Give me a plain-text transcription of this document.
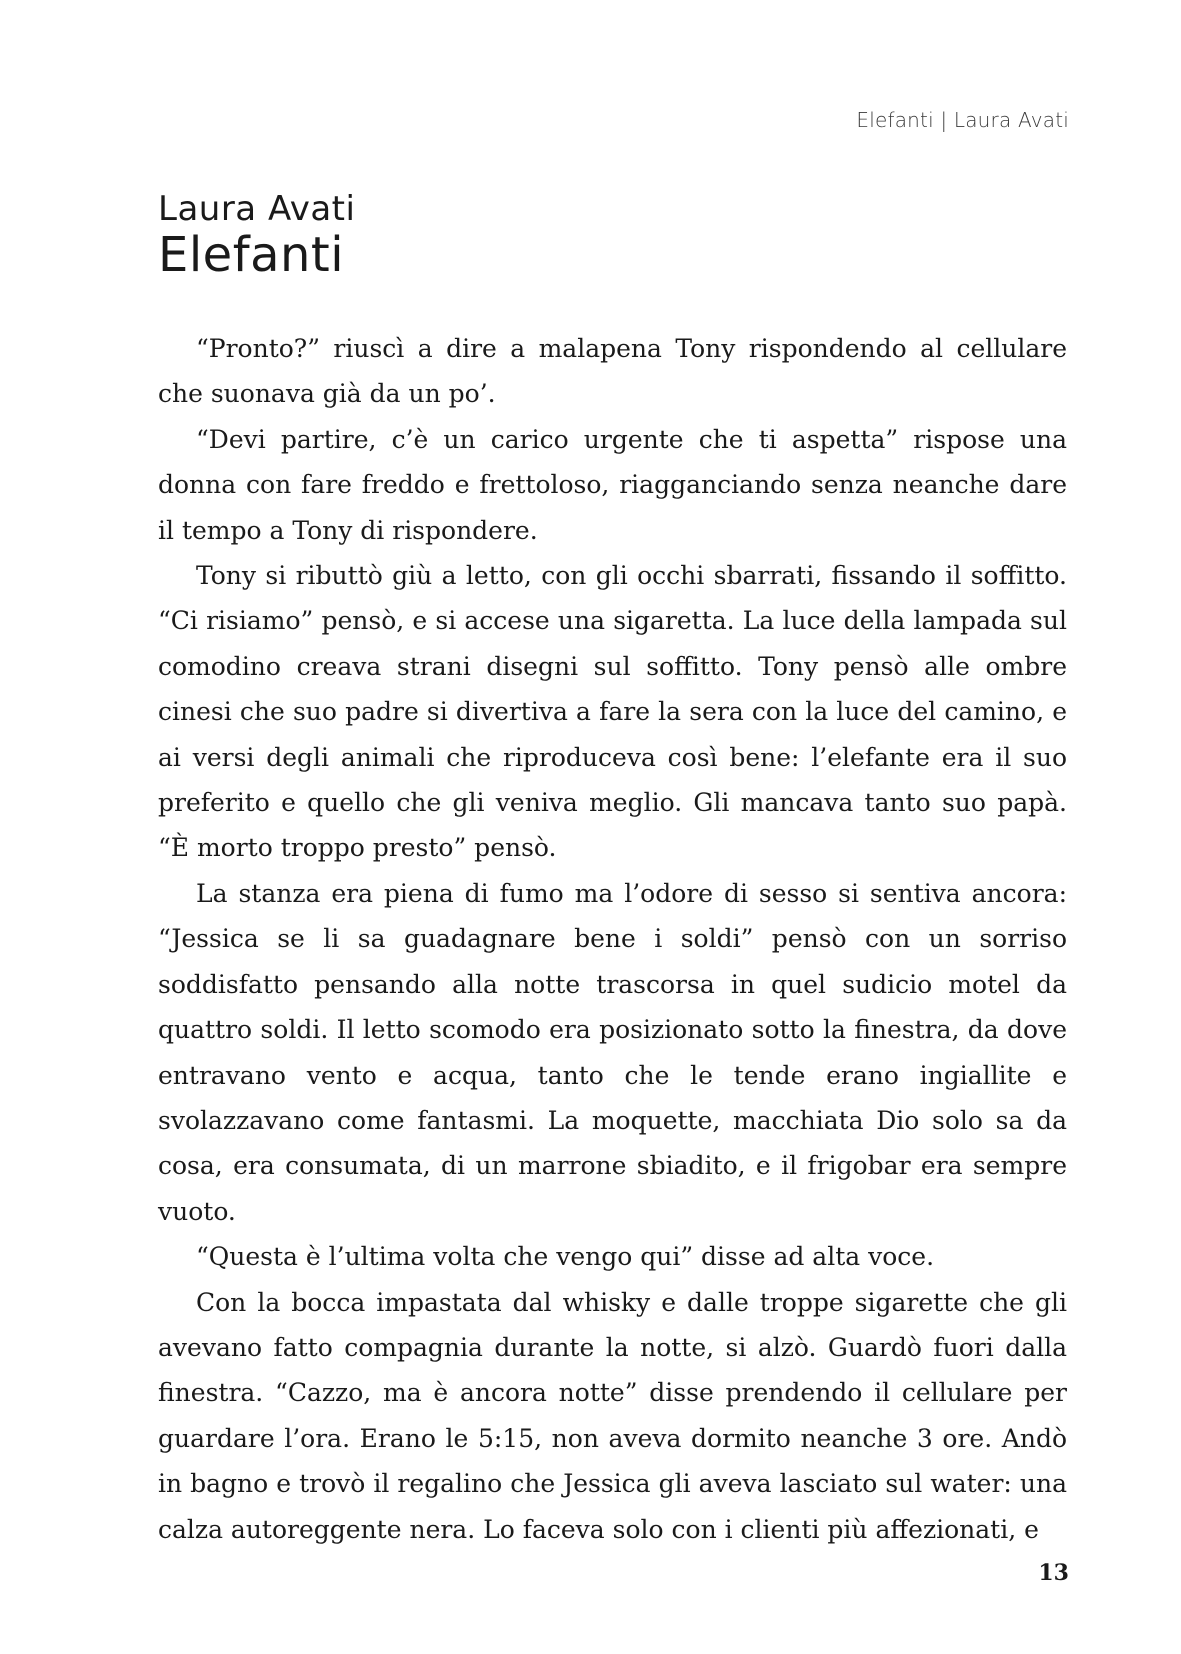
Elefanti | Laura Avati
Laura Avati
Elefanti

“Pronto?” riuscì a dire a malapena Tony rispondendo al cellulare che suonava già da un po’.

“Devi partire, c’è un carico urgente che ti aspetta” rispose una donna con fare freddo e frettoloso, riagganciando senza neanche dare il tempo a Tony di rispondere.

Tony si ributtò giù a letto, con gli occhi sbarrati, fissando il soffitto. “Ci risiamo” pensò, e si accese una sigaretta. La luce della lampada sul comodino creava strani disegni sul soffitto. Tony pensò alle ombre cinesi che suo padre si divertiva a fare la sera con la luce del camino, e ai versi degli animali che riproduceva così bene: l’elefante era il suo preferito e quello che gli veniva meglio. Gli mancava tanto suo papà. “È morto troppo presto” pensò.

La stanza era piena di fumo ma l’odore di sesso si sentiva ancora: “Jessica se li sa guadagnare bene i soldi” pensò con un sorriso soddisfatto pensando alla notte trascorsa in quel sudicio motel da quattro soldi. Il letto scomodo era posizionato sotto la finestra, da dove entravano vento e acqua, tanto che le tende erano ingiallite e svolazzavano come fantasmi. La moquette, macchiata Dio solo sa da cosa, era consumata, di un marrone sbiadito, e il frigobar era sempre vuoto.

“Questa è l’ultima volta che vengo qui” disse ad alta voce.

Con la bocca impastata dal whisky e dalle troppe sigarette che gli avevano fatto compagnia durante la notte, si alzò. Guardò fuori dalla finestra. “Cazzo, ma è ancora notte” disse prendendo il cellulare per guardare l’ora. Erano le 5:15, non aveva dormito neanche 3 ore. Andò in bagno e trovò il regalino che Jessica gli aveva lasciato sul water: una calza autoreggente nera. Lo faceva solo con i clienti più affezionati, e

13
